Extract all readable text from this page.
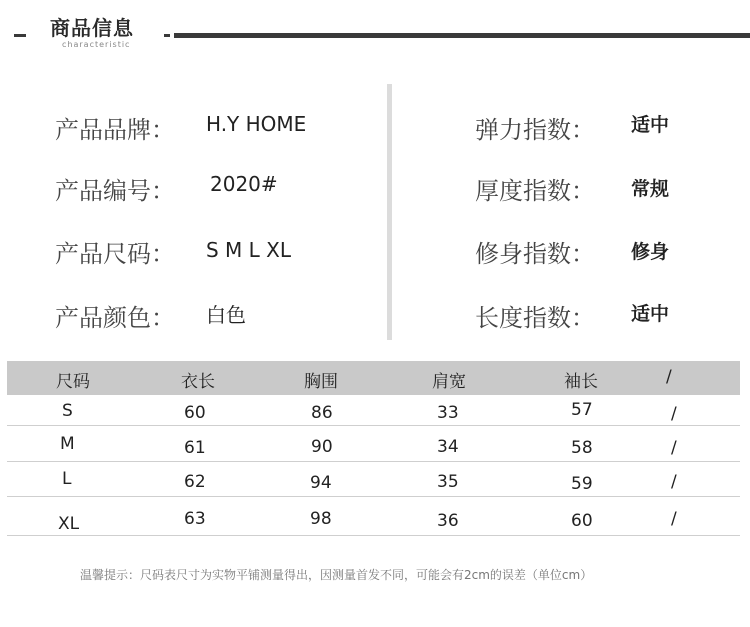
商品信息
characteristic
产品品牌： H.Y HOME
产品编号： 2020#
产品尺码： S M L XL
产品颜色： 白色
弹力指数： 适中
厚度指数： 常规
修身指数： 修身
长度指数： 适中
尺码	衣长	胸围	肩宽	袖长	/
S	60	86	33	57	/
M	61	90	34	58	/
L	62	94	35	59	/
XL	63	98	36	60	/
温馨提示：尺码表尺寸为实物平铺测量得出，因测量首发不同，可能会有2cm的误差（单位cm）
